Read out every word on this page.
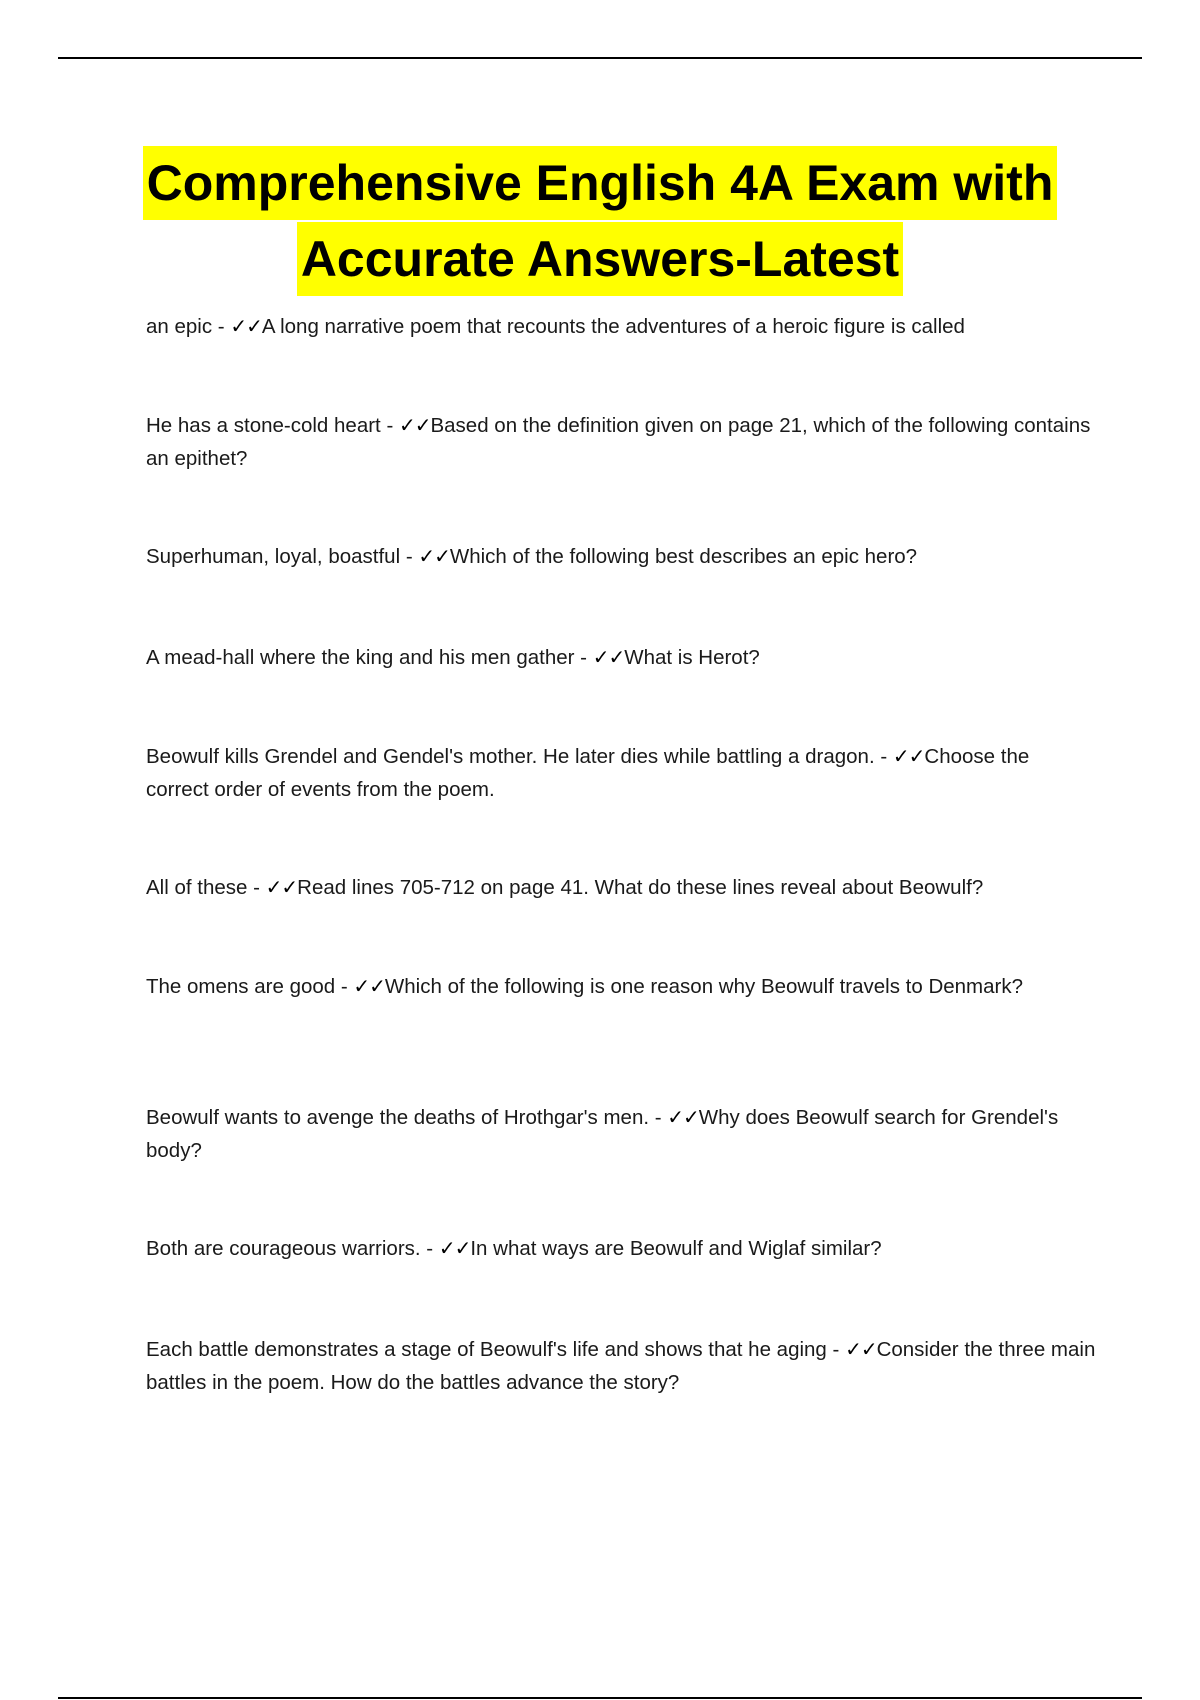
Comprehensive English 4A Exam with
Accurate Answers-Latest

an epic - ✓✓A long narrative poem that recounts the adventures of a heroic figure is called

He has a stone-cold heart - ✓✓Based on the definition given on page 21, which of the following contains an epithet?

Superhuman, loyal, boastful - ✓✓Which of the following best describes an epic hero?

A mead-hall where the king and his men gather - ✓✓What is Herot?

Beowulf kills Grendel and Gendel's mother. He later dies while battling a dragon. - ✓✓Choose the correct order of events from the poem.

All of these - ✓✓Read lines 705-712 on page 41. What do these lines reveal about Beowulf?

The omens are good - ✓✓Which of the following is one reason why Beowulf travels to Denmark?

Beowulf wants to avenge the deaths of Hrothgar's men. - ✓✓Why does Beowulf search for Grendel's body?

Both are courageous warriors. - ✓✓In what ways are Beowulf and Wiglaf similar?

Each battle demonstrates a stage of Beowulf's life and shows that he aging - ✓✓Consider the three main battles in the poem. How do the battles advance the story?
